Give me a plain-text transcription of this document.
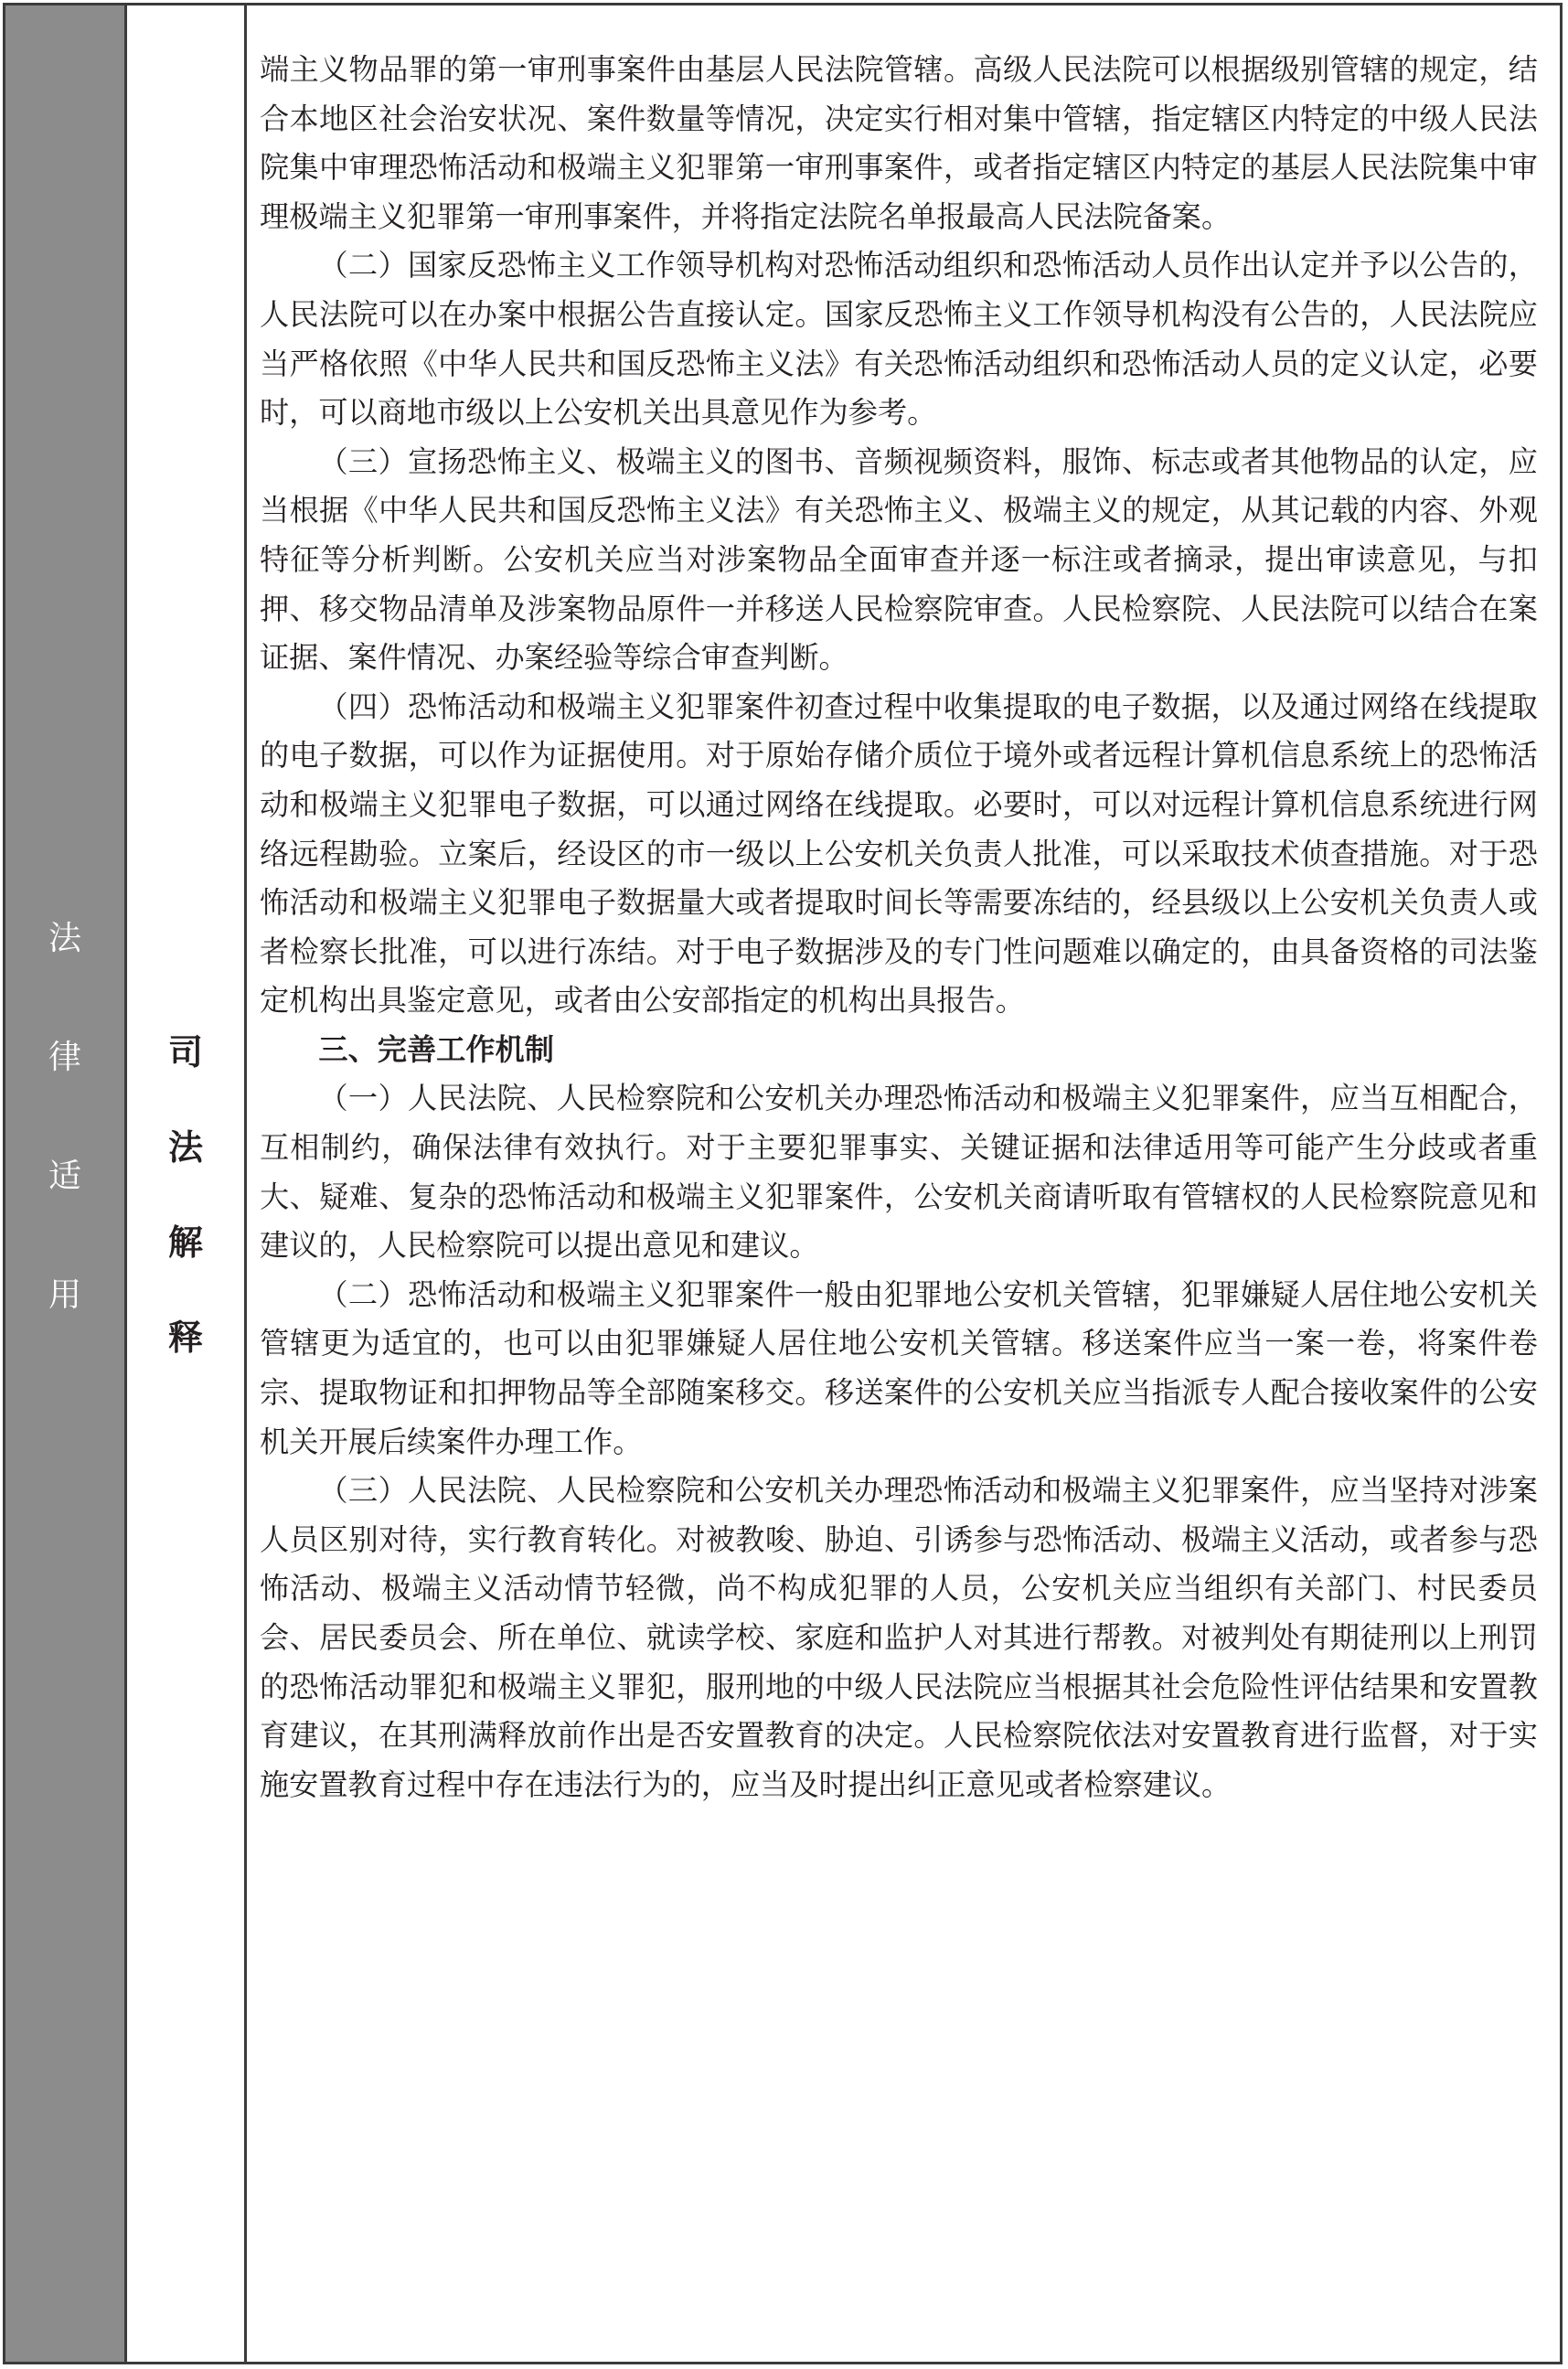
法
律
适
用
司
法
解
释

端主义物品罪的第一审刑事案件由基层人民法院管辖。高级人民法院可以根据级别管辖的规定，结合本地区社会治安状况、案件数量等情况，决定实行相对集中管辖，指定辖区内特定的中级人民法院集中审理恐怖活动和极端主义犯罪第一审刑事案件，或者指定辖区内特定的基层人民法院集中审理极端主义犯罪第一审刑事案件，并将指定法院名单报最高人民法院备案。

（二）国家反恐怖主义工作领导机构对恐怖活动组织和恐怖活动人员作出认定并予以公告的，人民法院可以在办案中根据公告直接认定。国家反恐怖主义工作领导机构没有公告的，人民法院应当严格依照《中华人民共和国反恐怖主义法》有关恐怖活动组织和恐怖活动人员的定义认定，必要时，可以商地市级以上公安机关出具意见作为参考。

（三）宣扬恐怖主义、极端主义的图书、音频视频资料，服饰、标志或者其他物品的认定，应当根据《中华人民共和国反恐怖主义法》有关恐怖主义、极端主义的规定，从其记载的内容、外观特征等分析判断。公安机关应当对涉案物品全面审查并逐一标注或者摘录，提出审读意见，与扣押、移交物品清单及涉案物品原件一并移送人民检察院审查。人民检察院、人民法院可以结合在案证据、案件情况、办案经验等综合审查判断。

（四）恐怖活动和极端主义犯罪案件初查过程中收集提取的电子数据，以及通过网络在线提取的电子数据，可以作为证据使用。对于原始存储介质位于境外或者远程计算机信息系统上的恐怖活动和极端主义犯罪电子数据，可以通过网络在线提取。必要时，可以对远程计算机信息系统进行网络远程勘验。立案后，经设区的市一级以上公安机关负责人批准，可以采取技术侦查措施。对于恐怖活动和极端主义犯罪电子数据量大或者提取时间长等需要冻结的，经县级以上公安机关负责人或者检察长批准，可以进行冻结。对于电子数据涉及的专门性问题难以确定的，由具备资格的司法鉴定机构出具鉴定意见，或者由公安部指定的机构出具报告。

三、完善工作机制

（一）人民法院、人民检察院和公安机关办理恐怖活动和极端主义犯罪案件，应当互相配合，互相制约，确保法律有效执行。对于主要犯罪事实、关键证据和法律适用等可能产生分歧或者重大、疑难、复杂的恐怖活动和极端主义犯罪案件，公安机关商请听取有管辖权的人民检察院意见和建议的，人民检察院可以提出意见和建议。

（二）恐怖活动和极端主义犯罪案件一般由犯罪地公安机关管辖，犯罪嫌疑人居住地公安机关管辖更为适宜的，也可以由犯罪嫌疑人居住地公安机关管辖。移送案件应当一案一卷，将案件卷宗、提取物证和扣押物品等全部随案移交。移送案件的公安机关应当指派专人配合接收案件的公安机关开展后续案件办理工作。

（三）人民法院、人民检察院和公安机关办理恐怖活动和极端主义犯罪案件，应当坚持对涉案人员区别对待，实行教育转化。对被教唆、胁迫、引诱参与恐怖活动、极端主义活动，或者参与恐怖活动、极端主义活动情节轻微，尚不构成犯罪的人员，公安机关应当组织有关部门、村民委员会、居民委员会、所在单位、就读学校、家庭和监护人对其进行帮教。对被判处有期徒刑以上刑罚的恐怖活动罪犯和极端主义罪犯，服刑地的中级人民法院应当根据其社会危险性评估结果和安置教育建议，在其刑满释放前作出是否安置教育的决定。人民检察院依法对安置教育进行监督，对于实施安置教育过程中存在违法行为的，应当及时提出纠正意见或者检察建议。
